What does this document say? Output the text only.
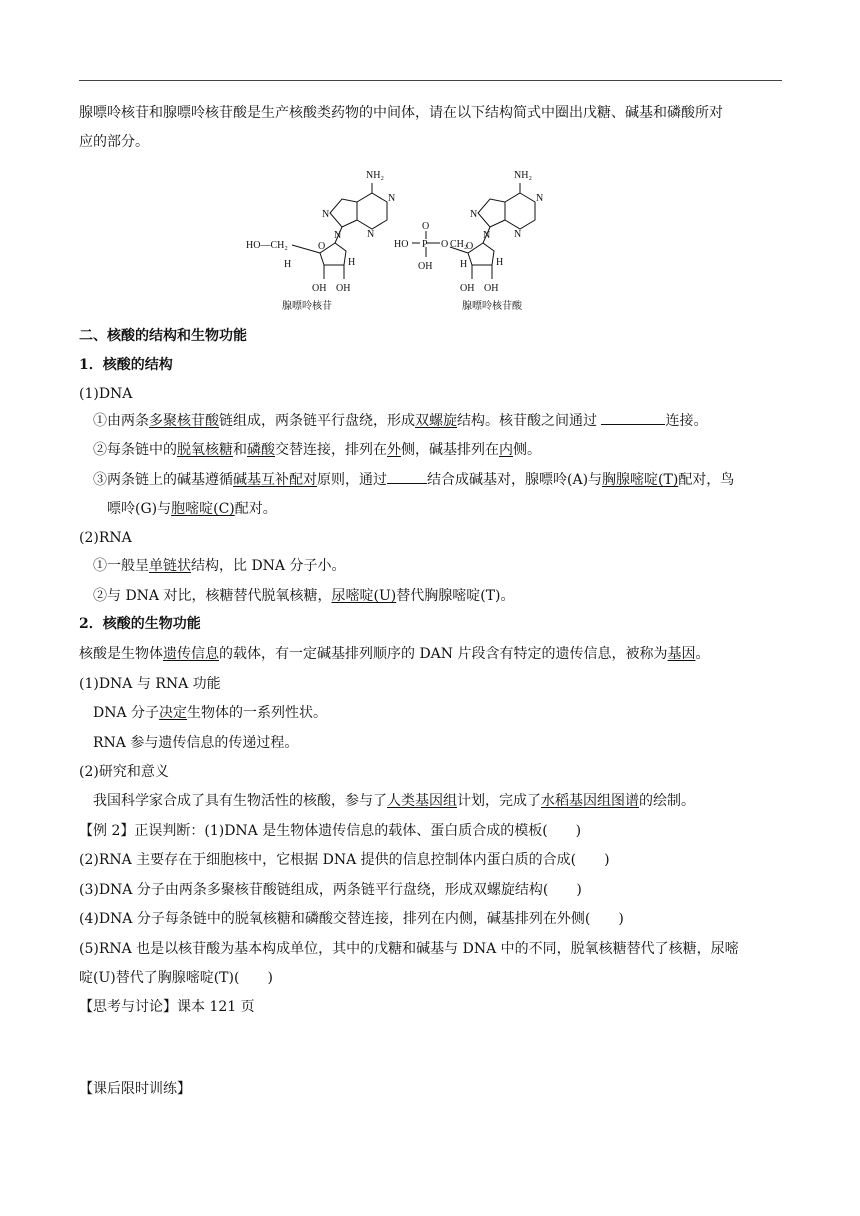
腺嘌呤核苷和腺嘌呤核苷酸是生产核酸类药物的中间体，请在以下结构简式中圈出戊糖、碱基和磷酸所对
应的部分。
NH₂
N
N
N
N
HO—CH₂	O
H	H
OH OH
腺嘌呤核苷
NH₂
N
N
N
N
HO P
O
O CH₂
OH
O
H	H
OH OH
腺嘌呤核苷酸
二、核酸的结构和生物功能
1．核酸的结构
(1)DNA
①由两条多聚核苷酸链组成，两条链平行盘绕，形成双螺旋结构。核苷酸之间通过	连接。
②每条链中的脱氧核糖和磷酸交替连接，排列在外侧，碱基排列在内侧。
③两条链上的碱基遵循碱基互补配对原则，通过	结合成碱基对，腺嘌呤(A)与胸腺嘧啶(T)配对，鸟
嘌呤(G)与胞嘧啶(C)配对。
(2)RNA
①一般呈单链状结构，比 DNA 分子小。
②与 DNA 对比，核糖替代脱氧核糖，尿嘧啶(U)替代胸腺嘧啶(T)。
2．核酸的生物功能
核酸是生物体遗传信息的载体，有一定碱基排列顺序的 DAN 片段含有特定的遗传信息，被称为基因。
(1)DNA 与 RNA 功能
DNA 分子决定生物体的一系列性状。
RNA 参与遗传信息的传递过程。
(2)研究和意义
我国科学家合成了具有生物活性的核酸，参与了人类基因组计划，完成了水稻基因组图谱的绘制。
【例 2】正误判断：(1)DNA 是生物体遗传信息的载体、蛋白质合成的模板(　　)
(2)RNA 主要存在于细胞核中，它根据 DNA 提供的信息控制体内蛋白质的合成(　　)
(3)DNA 分子由两条多聚核苷酸链组成，两条链平行盘绕，形成双螺旋结构(　　)
(4)DNA 分子每条链中的脱氧核糖和磷酸交替连接，排列在内侧，碱基排列在外侧(　　)
(5)RNA 也是以核苷酸为基本构成单位，其中的戊糖和碱基与 DNA 中的不同，脱氧核糖替代了核糖，尿嘧
啶(U)替代了胸腺嘧啶(T)(　　)
【思考与讨论】课本 121 页
【课后限时训练】
